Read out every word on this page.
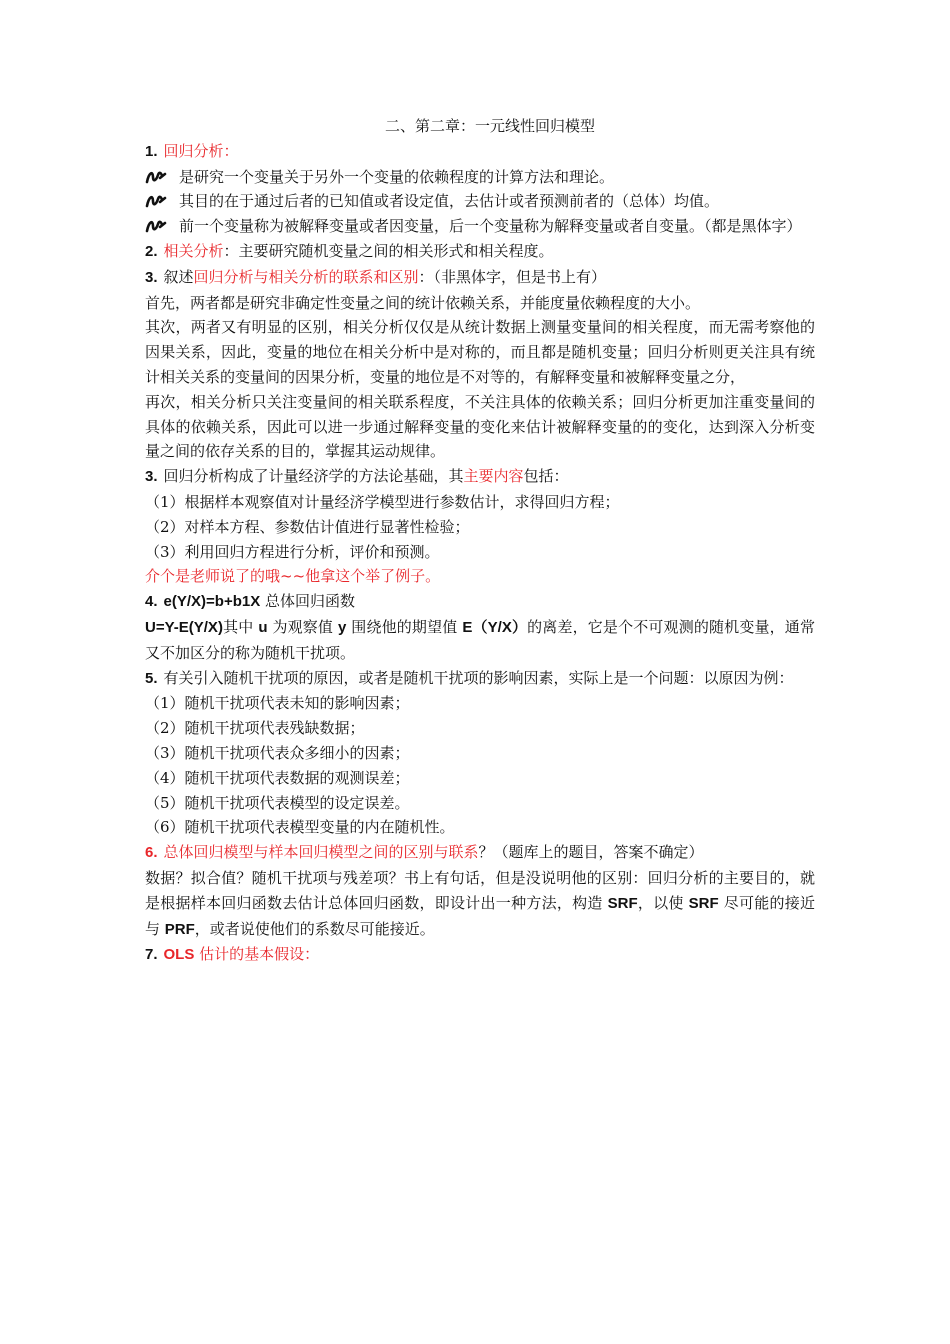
二、第二章：一元线性回归模型

1. 回归分析：

是研究一个变量关于另外一个变量的依赖程度的计算方法和理论。

其目的在于通过后者的已知值或者设定值，去估计或者预测前者的（总体）均值。

前一个变量称为被解释变量或者因变量，后一个变量称为解释变量或者自变量。（都是黑体字）

2. 相关分析：主要研究随机变量之间的相关形式和相关程度。

3. 叙述回归分析与相关分析的联系和区别：（非黑体字，但是书上有）

首先，两者都是研究非确定性变量之间的统计依赖关系，并能度量依赖程度的大小。

其次，两者又有明显的区别，相关分析仅仅是从统计数据上测量变量间的相关程度，而无需考察他的因果关系，因此，变量的地位在相关分析中是对称的，而且都是随机变量；回归分析则更关注具有统计相关关系的变量间的因果分析，变量的地位是不对等的，有解释变量和被解释变量之分，

再次，相关分析只关注变量间的相关联系程度，不关注具体的依赖关系；回归分析更加注重变量间的具体的依赖关系，因此可以进一步通过解释变量的变化来估计被解释变量的的变化，达到深入分析变量之间的依存关系的目的，掌握其运动规律。

3. 回归分析构成了计量经济学的方法论基础，其主要内容包括：

（1）根据样本观察值对计量经济学模型进行参数估计，求得回归方程；

（2）对样本方程、参数估计值进行显著性检验；

（3）利用回归方程进行分析，评价和预测。

介个是老师说了的哦~~他拿这个举了例子。

4. e(Y/X)=b+b1X 总体回归函数

U=Y-E(Y/X)其中 u 为观察值 y 围绕他的期望值 E（Y/X）的离差，它是个不可观测的随机变量，通常又不加区分的称为随机干扰项。

5. 有关引入随机干扰项的原因，或者是随机干扰项的影响因素，实际上是一个问题：以原因为例：

（1）随机干扰项代表未知的影响因素；

（2）随机干扰项代表残缺数据；

（3）随机干扰项代表众多细小的因素；

（4）随机干扰项代表数据的观测误差；

（5）随机干扰项代表模型的设定误差。

（6）随机干扰项代表模型变量的内在随机性。

6. 总体回归模型与样本回归模型之间的区别与联系？（题库上的题目，答案不确定）

数据？拟合值？随机干扰项与残差项？书上有句话，但是没说明他的区别：回归分析的主要目的，就是根据样本回归函数去估计总体回归函数，即设计出一种方法，构造 SRF，以使 SRF 尽可能的接近与 PRF，或者说使他们的系数尽可能接近。

7. OLS 估计的基本假设：
